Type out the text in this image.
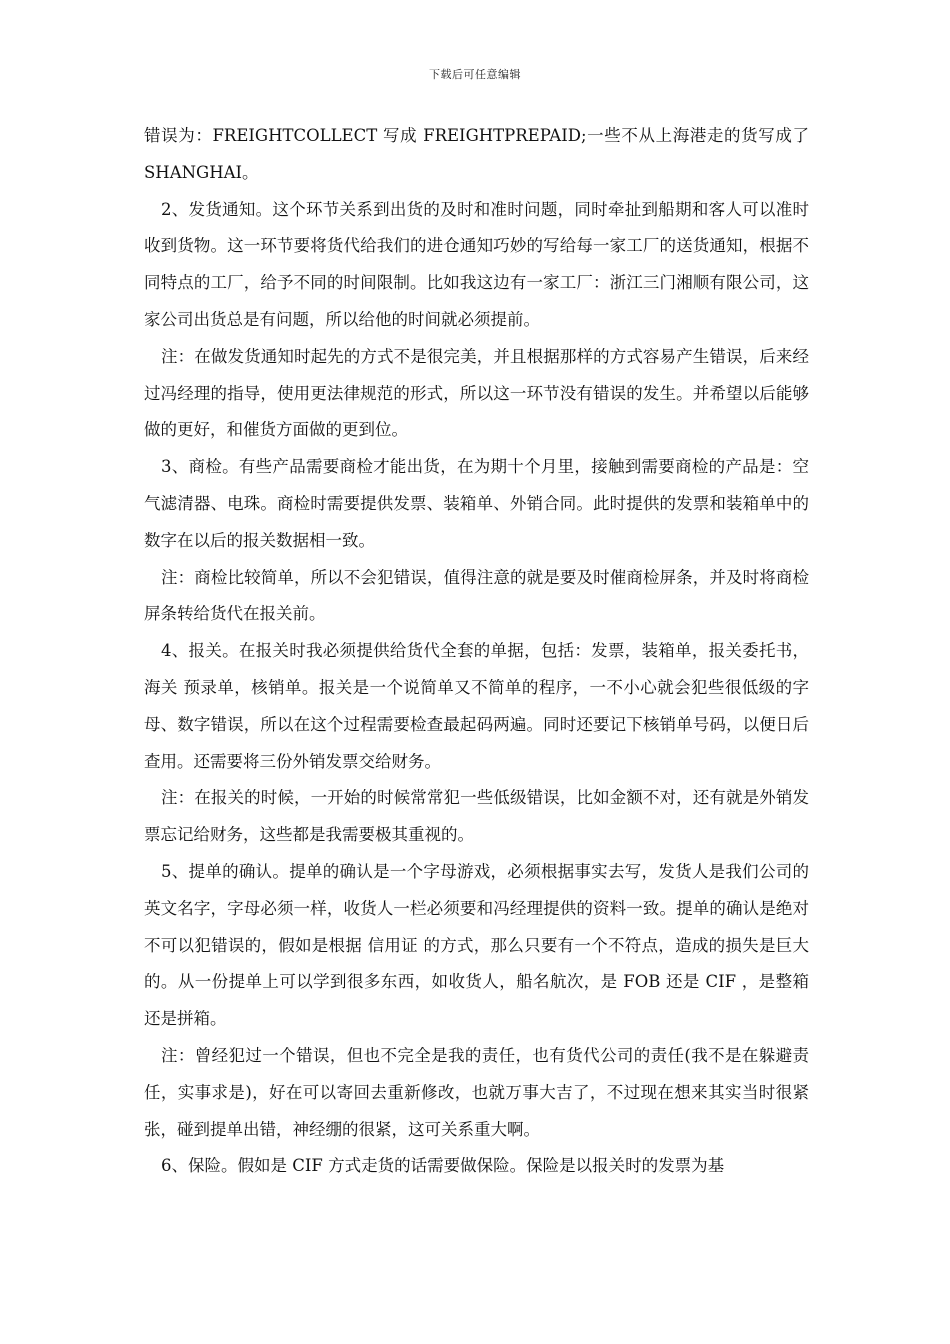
下载后可任意编辑

错误为：FREIGHTCOLLECT 写成 FREIGHTPREPAID;一些不从上海港走的货写成了SHANGHAI。

2、发货通知。这个环节关系到出货的及时和准时问题，同时牵扯到船期和客人可以准时收到货物。这一环节要将货代给我们的进仓通知巧妙的写给每一家工厂的送货通知，根据不同特点的工厂，给予不同的时间限制。比如我这边有一家工厂：浙江三门湘顺有限公司，这家公司出货总是有问题，所以给他的时间就必须提前。

注：在做发货通知时起先的方式不是很完美，并且根据那样的方式容易产生错误，后来经过冯经理的指导，使用更法律规范的形式，所以这一环节没有错误的发生。并希望以后能够做的更好，和催货方面做的更到位。

3、商检。有些产品需要商检才能出货，在为期十个月里，接触到需要商检的产品是：空气滤清器、电珠。商检时需要提供发票、装箱单、外销合同。此时提供的发票和装箱单中的数字在以后的报关数据相一致。

注：商检比较简单，所以不会犯错误，值得注意的就是要及时催商检屏条，并及时将商检屏条转给货代在报关前。

4、报关。在报关时我必须提供给货代全套的单据，包括：发票，装箱单，报关委托书， 海关 预录单，核销单。报关是一个说简单又不简单的程序，一不小心就会犯些很低级的字母、数字错误，所以在这个过程需要检查最起码两遍。同时还要记下核销单号码，以便日后查用。还需要将三份外销发票交给财务。

注：在报关的时候，一开始的时候常常犯一些低级错误，比如金额不对，还有就是外销发票忘记给财务，这些都是我需要极其重视的。

5、提单的确认。提单的确认是一个字母游戏，必须根据事实去写，发货人是我们公司的英文名字，字母必须一样，收货人一栏必须要和冯经理提供的资料一致。提单的确认是绝对不可以犯错误的，假如是根据 信用证 的方式，那么只要有一个不符点，造成的损失是巨大的。从一份提单上可以学到很多东西，如收货人，船名航次，是 FOB 还是 CIF ，是整箱还是拼箱。

注：曾经犯过一个错误，但也不完全是我的责任，也有货代公司的责任(我不是在躲避责任，实事求是)，好在可以寄回去重新修改，也就万事大吉了，不过现在想来其实当时很紧张，碰到提单出错，神经绷的很紧，这可关系重大啊。

6、保险。假如是 CIF 方式走货的话需要做保险。保险是以报关时的发票为基
